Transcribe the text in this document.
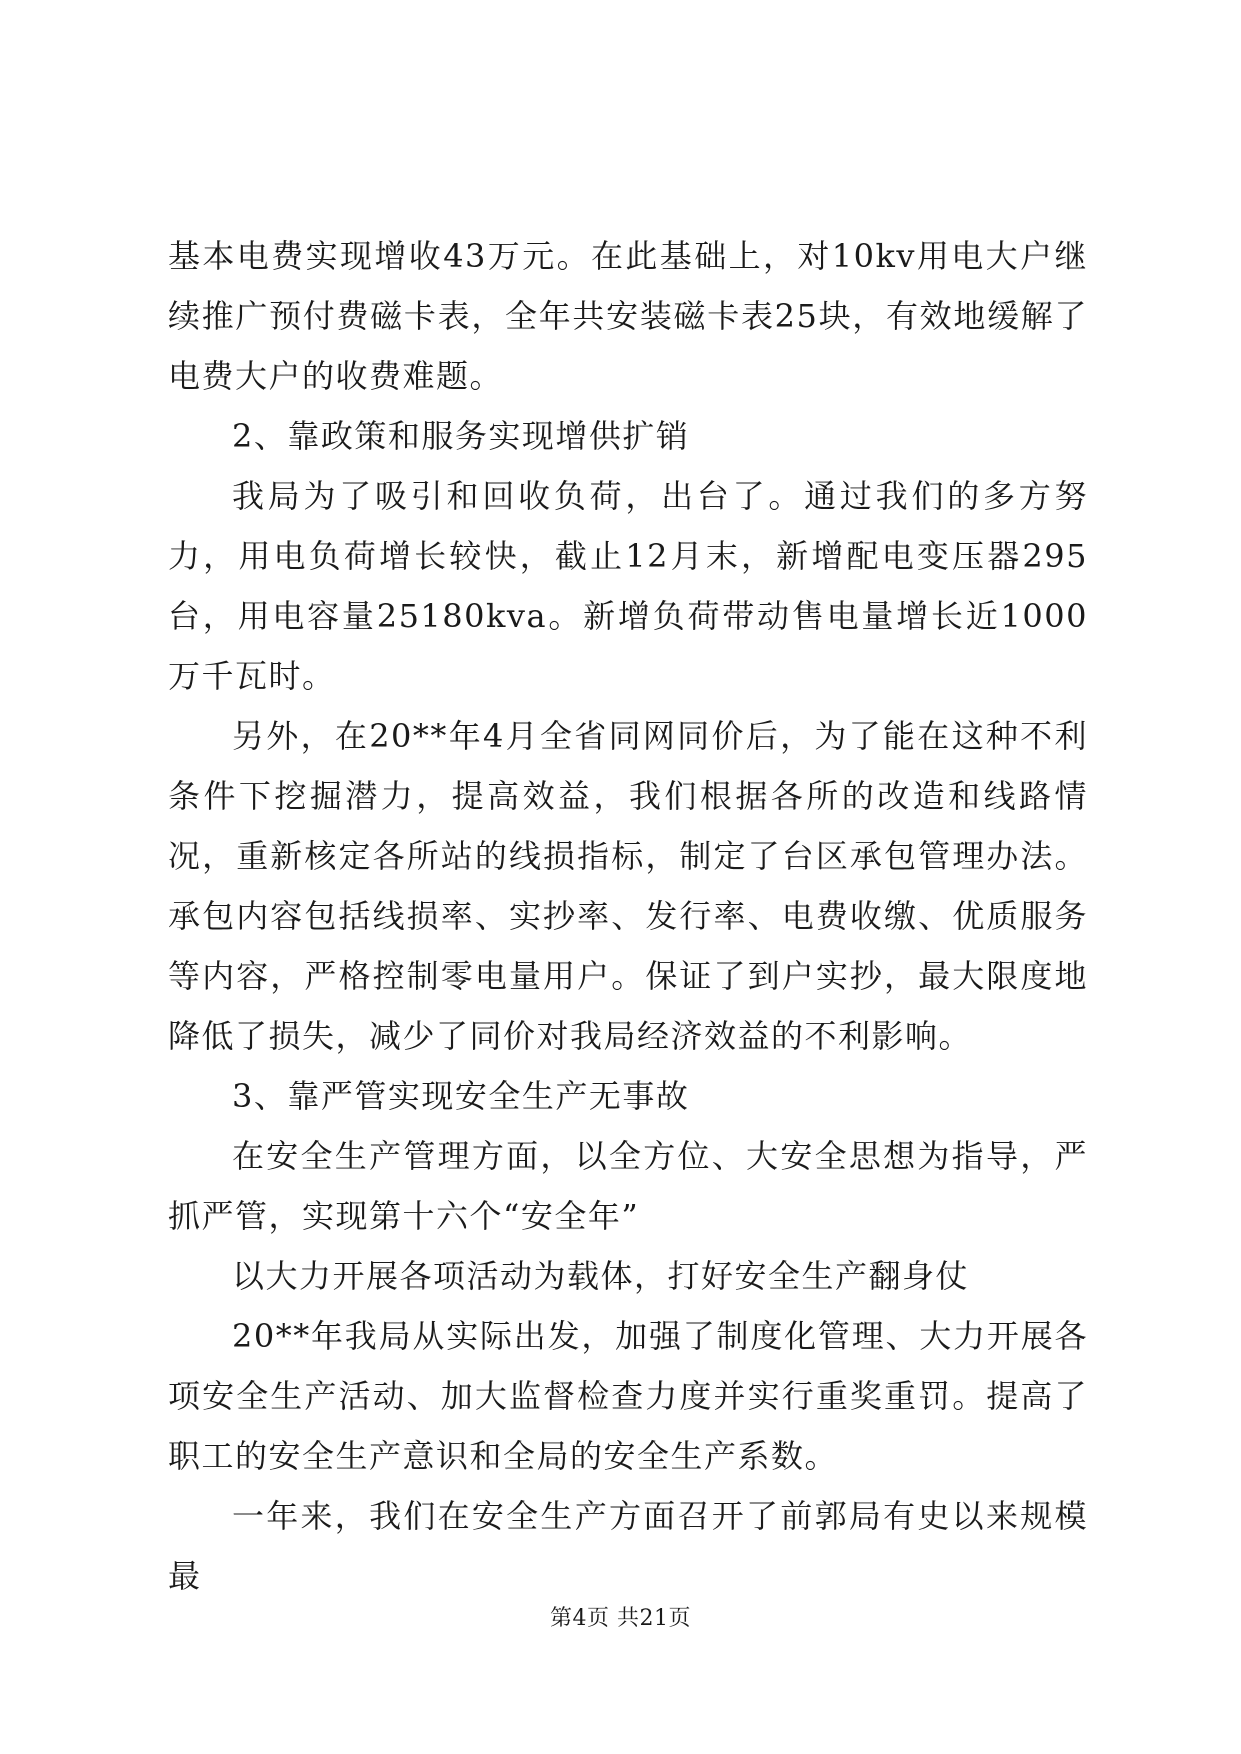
基本电费实现增收43万元。在此基础上，对10kv用电大户继续推广预付费磁卡表，全年共安装磁卡表25块，有效地缓解了电费大户的收费难题。

2、靠政策和服务实现增供扩销

我局为了吸引和回收负荷，出台了。通过我们的多方努力，用电负荷增长较快，截止12月末，新增配电变压器295台，用电容量25180kva。新增负荷带动售电量增长近1000万千瓦时。

另外，在20**年4月全省同网同价后，为了能在这种不利条件下挖掘潜力，提高效益，我们根据各所的改造和线路情况，重新核定各所站的线损指标，制定了台区承包管理办法。承包内容包括线损率、实抄率、发行率、电费收缴、优质服务等内容，严格控制零电量用户。保证了到户实抄，最大限度地降低了损失，减少了同价对我局经济效益的不利影响。

3、靠严管实现安全生产无事故

在安全生产管理方面，以全方位、大安全思想为指导，严抓严管，实现第十六个“安全年”

以大力开展各项活动为载体，打好安全生产翻身仗

20**年我局从实际出发，加强了制度化管理、大力开展各项安全生产活动、加大监督检查力度并实行重奖重罚。提高了职工的安全生产意识和全局的安全生产系数。

一年来，我们在安全生产方面召开了前郭局有史以来规模最

第4页 共21页
